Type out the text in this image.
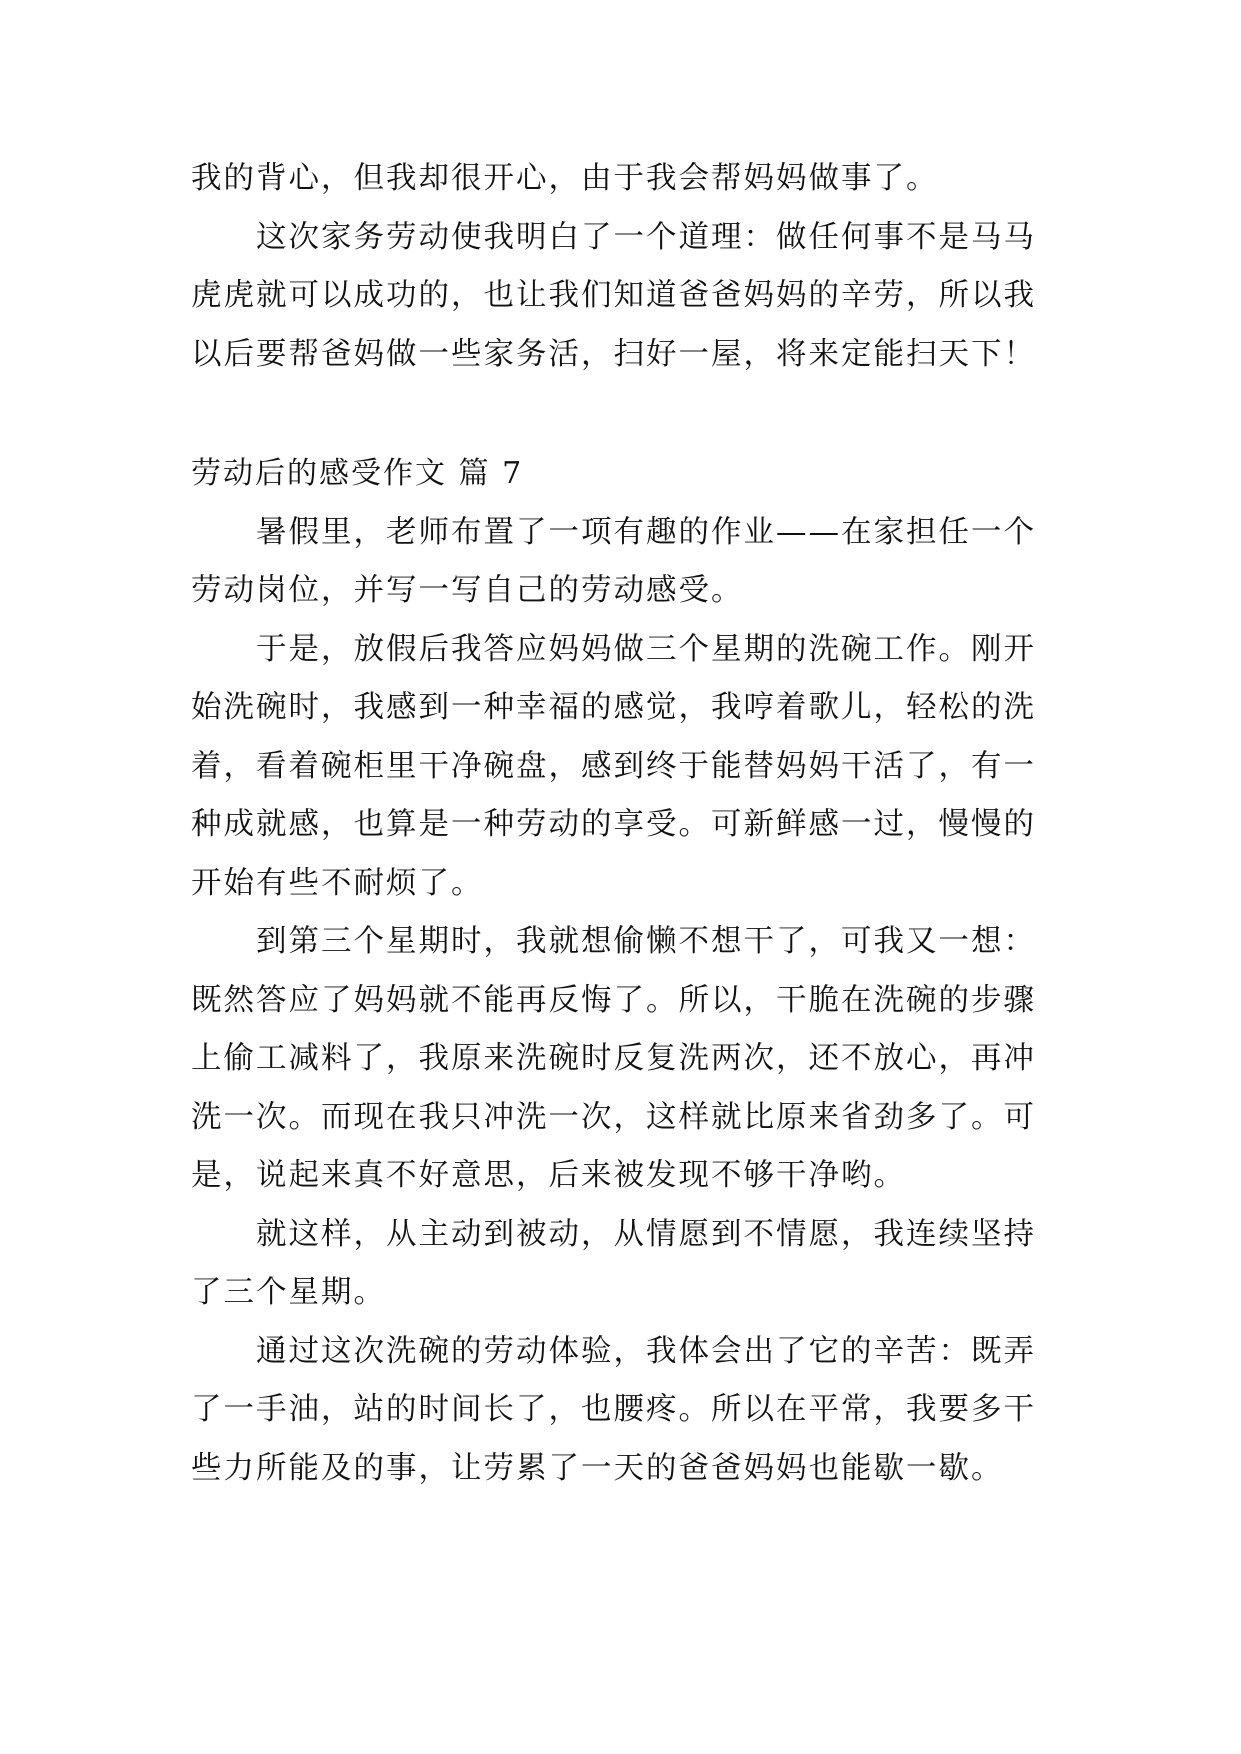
我的背心，但我却很开心，由于我会帮妈妈做事了。
这次家务劳动使我明白了一个道理：做任何事不是马马
虎虎就可以成功的，也让我们知道爸爸妈妈的辛劳，所以我
以后要帮爸妈做一些家务活，扫好一屋，将来定能扫天下！
劳动后的感受作文 篇 7
暑假里，老师布置了一项有趣的作业——在家担任一个
劳动岗位，并写一写自己的劳动感受。
于是，放假后我答应妈妈做三个星期的洗碗工作。刚开
始洗碗时，我感到一种幸福的感觉，我哼着歌儿，轻松的洗
着，看着碗柜里干净碗盘，感到终于能替妈妈干活了，有一
种成就感，也算是一种劳动的享受。可新鲜感一过，慢慢的
开始有些不耐烦了。
到第三个星期时，我就想偷懒不想干了，可我又一想：
既然答应了妈妈就不能再反悔了。所以，干脆在洗碗的步骤
上偷工减料了，我原来洗碗时反复洗两次，还不放心，再冲
洗一次。而现在我只冲洗一次，这样就比原来省劲多了。可
是，说起来真不好意思，后来被发现不够干净哟。
就这样，从主动到被动，从情愿到不情愿，我连续坚持
了三个星期。
通过这次洗碗的劳动体验，我体会出了它的辛苦：既弄
了一手油，站的时间长了，也腰疼。所以在平常，我要多干
些力所能及的事，让劳累了一天的爸爸妈妈也能歇一歇。
